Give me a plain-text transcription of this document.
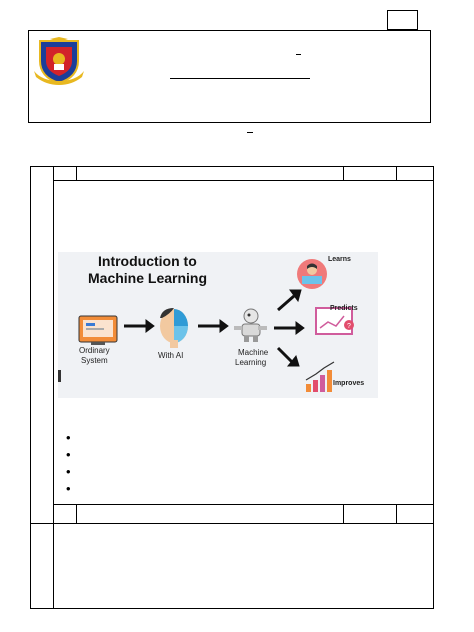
Introduction to
Machine Learning
Ordinary
System
With AI	Machine
Learning
Learns
?
Predicts
Improves
